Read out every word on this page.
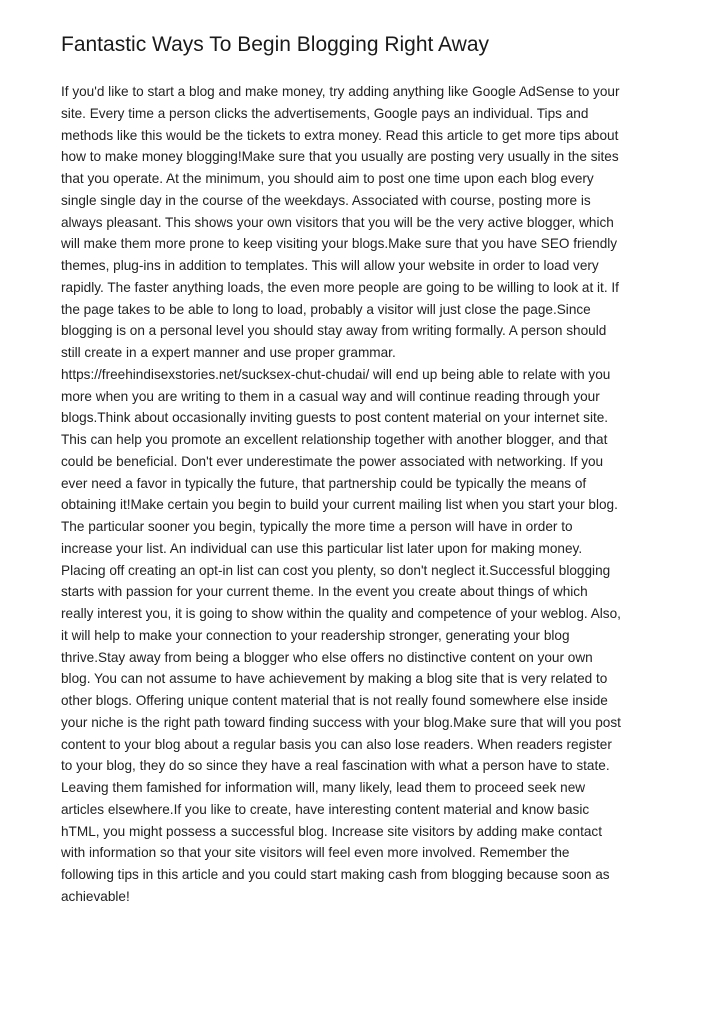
Fantastic Ways To Begin Blogging Right Away
If you'd like to start a blog and make money, try adding anything like Google AdSense to your
site. Every time a person clicks the advertisements, Google pays an individual. Tips and
methods like this would be the tickets to extra money. Read this article to get more tips about
how to make money blogging!Make sure that you usually are posting very usually in the sites
that you operate. At the minimum, you should aim to post one time upon each blog every
single single day in the course of the weekdays. Associated with course, posting more is
always pleasant. This shows your own visitors that you will be the very active blogger, which
will make them more prone to keep visiting your blogs.Make sure that you have SEO friendly
themes, plug-ins in addition to templates. This will allow your website in order to load very
rapidly. The faster anything loads, the even more people are going to be willing to look at it. If
the page takes to be able to long to load, probably a visitor will just close the page.Since
blogging is on a personal level you should stay away from writing formally. A person should
still create in a expert manner and use proper grammar.
https://freehindisexstories.net/sucksex-chut-chudai/ will end up being able to relate with you
more when you are writing to them in a casual way and will continue reading through your
blogs.Think about occasionally inviting guests to post content material on your internet site.
This can help you promote an excellent relationship together with another blogger, and that
could be beneficial. Don't ever underestimate the power associated with networking. If you
ever need a favor in typically the future, that partnership could be typically the means of
obtaining it!Make certain you begin to build your current mailing list when you start your blog.
The particular sooner you begin, typically the more time a person will have in order to
increase your list. An individual can use this particular list later upon for making money.
Placing off creating an opt-in list can cost you plenty, so don't neglect it.Successful blogging
starts with passion for your current theme. In the event you create about things of which
really interest you, it is going to show within the quality and competence of your weblog. Also,
it will help to make your connection to your readership stronger, generating your blog
thrive.Stay away from being a blogger who else offers no distinctive content on your own
blog. You can not assume to have achievement by making a blog site that is very related to
other blogs. Offering unique content material that is not really found somewhere else inside
your niche is the right path toward finding success with your blog.Make sure that will you post
content to your blog about a regular basis you can also lose readers. When readers register
to your blog, they do so since they have a real fascination with what a person have to state.
Leaving them famished for information will, many likely, lead them to proceed seek new
articles elsewhere.If you like to create, have interesting content material and know basic
hTML, you might possess a successful blog. Increase site visitors by adding make contact
with information so that your site visitors will feel even more involved. Remember the
following tips in this article and you could start making cash from blogging because soon as
achievable!
